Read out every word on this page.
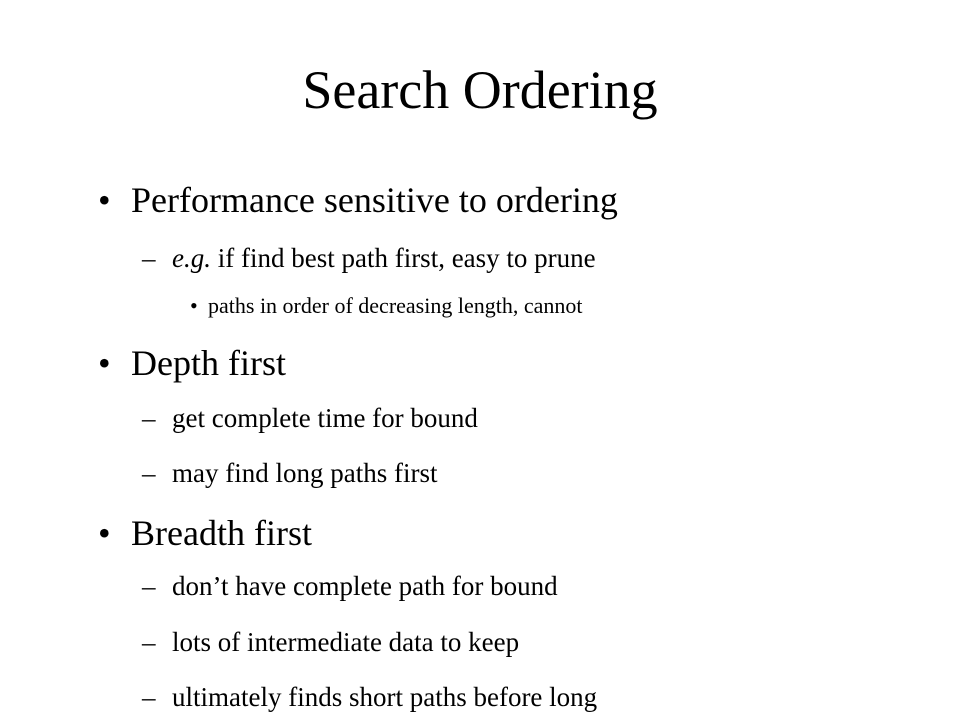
Search Ordering
• Performance sensitive to ordering
– e.g. if find best path first, easy to prune
• paths in order of decreasing length, cannot
• Depth first
– get complete time for bound
– may find long paths first
• Breadth first
– don’t have complete path for bound
– lots of intermediate data to keep
– ultimately finds short paths before long
